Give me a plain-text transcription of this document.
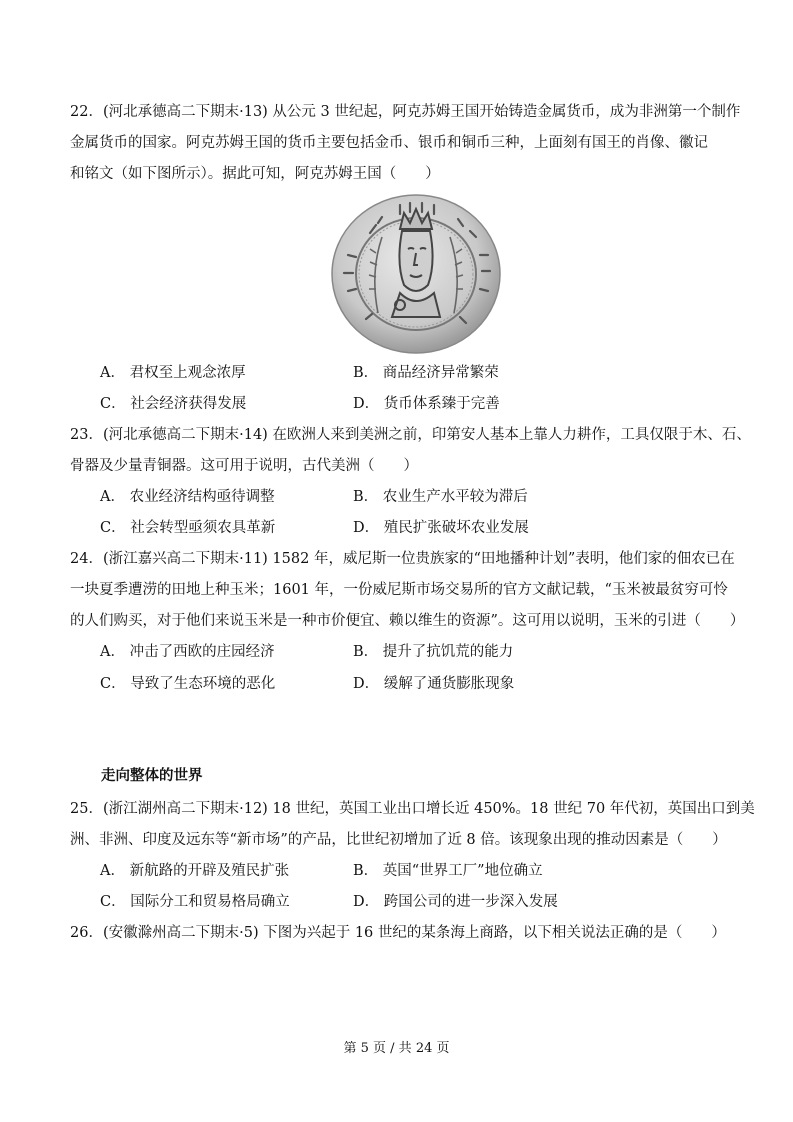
22．(河北承德高二下期末·13) 从公元 3 世纪起，阿克苏姆王国开始铸造金属货币，成为非洲第一个制作
金属货币的国家。阿克苏姆王国的货币主要包括金币、银币和铜币三种，上面刻有国王的肖像、徽记
和铭文（如下图所示）。据此可知，阿克苏姆王国（　　）
A． 君权至上观念浓厚	B． 商品经济异常繁荣
C． 社会经济获得发展	D． 货币体系臻于完善
23．(河北承德高二下期末·14) 在欧洲人来到美洲之前，印第安人基本上靠人力耕作，工具仅限于木、石、
骨器及少量青铜器。这可用于说明，古代美洲（　　）
A． 农业经济结构亟待调整	B． 农业生产水平较为滞后
C． 社会转型亟须农具革新	D． 殖民扩张破坏农业发展
24．(浙江嘉兴高二下期末·11) 1582 年，威尼斯一位贵族家的“田地播种计划”表明，他们家的佃农已在
一块夏季遭涝的田地上种玉米；1601 年，一份威尼斯市场交易所的官方文献记载，“玉米被最贫穷可怜
的人们购买，对于他们来说玉米是一种市价便宜、赖以维生的资源”。这可用以说明，玉米的引进（　　）
A． 冲击了西欧的庄园经济	B． 提升了抗饥荒的能力
C． 导致了生态环境的恶化	D． 缓解了通货膨胀现象
走向整体的世界
25．(浙江湖州高二下期末·12) 18 世纪，英国工业出口增长近 450%。18 世纪 70 年代初，英国出口到美
洲、非洲、印度及远东等“新市场”的产品，比世纪初增加了近 8 倍。该现象出现的推动因素是（　　）
A． 新航路的开辟及殖民扩张	B． 英国“世界工厂”地位确立
C． 国际分工和贸易格局确立	D． 跨国公司的进一步深入发展
26．(安徽滁州高二下期末·5) 下图为兴起于 16 世纪的某条海上商路，以下相关说法正确的是（　　）
第 5 页 / 共 24 页
